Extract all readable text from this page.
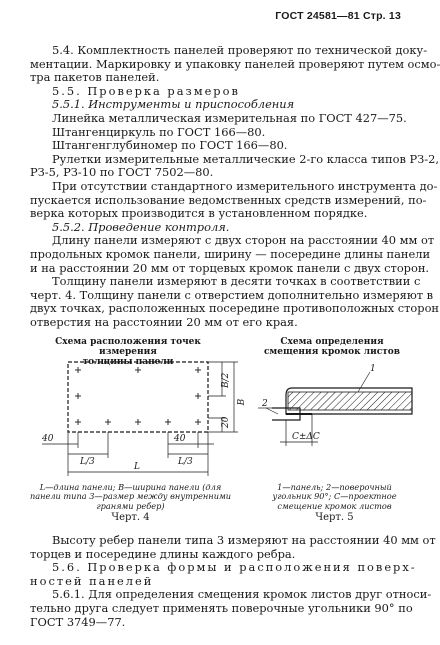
ГОСТ 24581—81 Стр. 13
5.4. Комплектность панелей проверяют по технической доку-
ментации. Маркировку и упаковку панелей проверяют путем осмо-
тра пакетов панелей.
5.5. Проверка размеров
5.5.1. Инструменты и приспособления
Линейка металлическая измерительная по ГОСТ 427—75.
Штангенциркуль по ГОСТ 166—80.
Штангенглубиномер по ГОСТ 166—80.
Рулетки измерительные металлические 2-го класса типов РЗ-2,
РЗ-5, РЗ-10 по ГОСТ 7502—80.
При отсутствии стандартного измерительного инструмента до-
пускается использование ведомственных средств измерений, по-
верка которых производится в установленном порядке.
5.5.2. Проведение контроля.
Длину панели измеряют с двух сторон на расстоянии 40 мм от
продольных кромок панели, ширину — посередине длины панели
и на расстоянии 20 мм от торцевых кромок панели с двух сторон.
Толщину панели измеряют в десяти точках в соответствии с
черт. 4. Толщину панели с отверстием дополнительно измеряют в
двух точках, расположенных посередине противоположных сторон
отверстия на расстоянии 20 мм от его края.
Схема расположения точек измерения
толщины панели
B/2
20
B
40	40
L/3	L/3
L
L—длина панели; B—ширина панели (для
панели типа 3—размер между внутренними
гранями ребер)
Черт. 4
Схема определения
смещения кромок листов
2
1
C±ΔC
1—панель; 2—поверочный
угольник 90°; C—проектное
смещение кромок листов
Черт. 5
Высоту ребер панели типа 3 измеряют на расстоянии 40 мм от
торцев и посередине длины каждого ребра.
5.6. Проверка формы и расположения поверх-
ностей панелей
5.6.1. Для определения смещения кромок листов друг относи-
тельно друга следует применять поверочные угольники 90° по
ГОСТ 3749—77.
